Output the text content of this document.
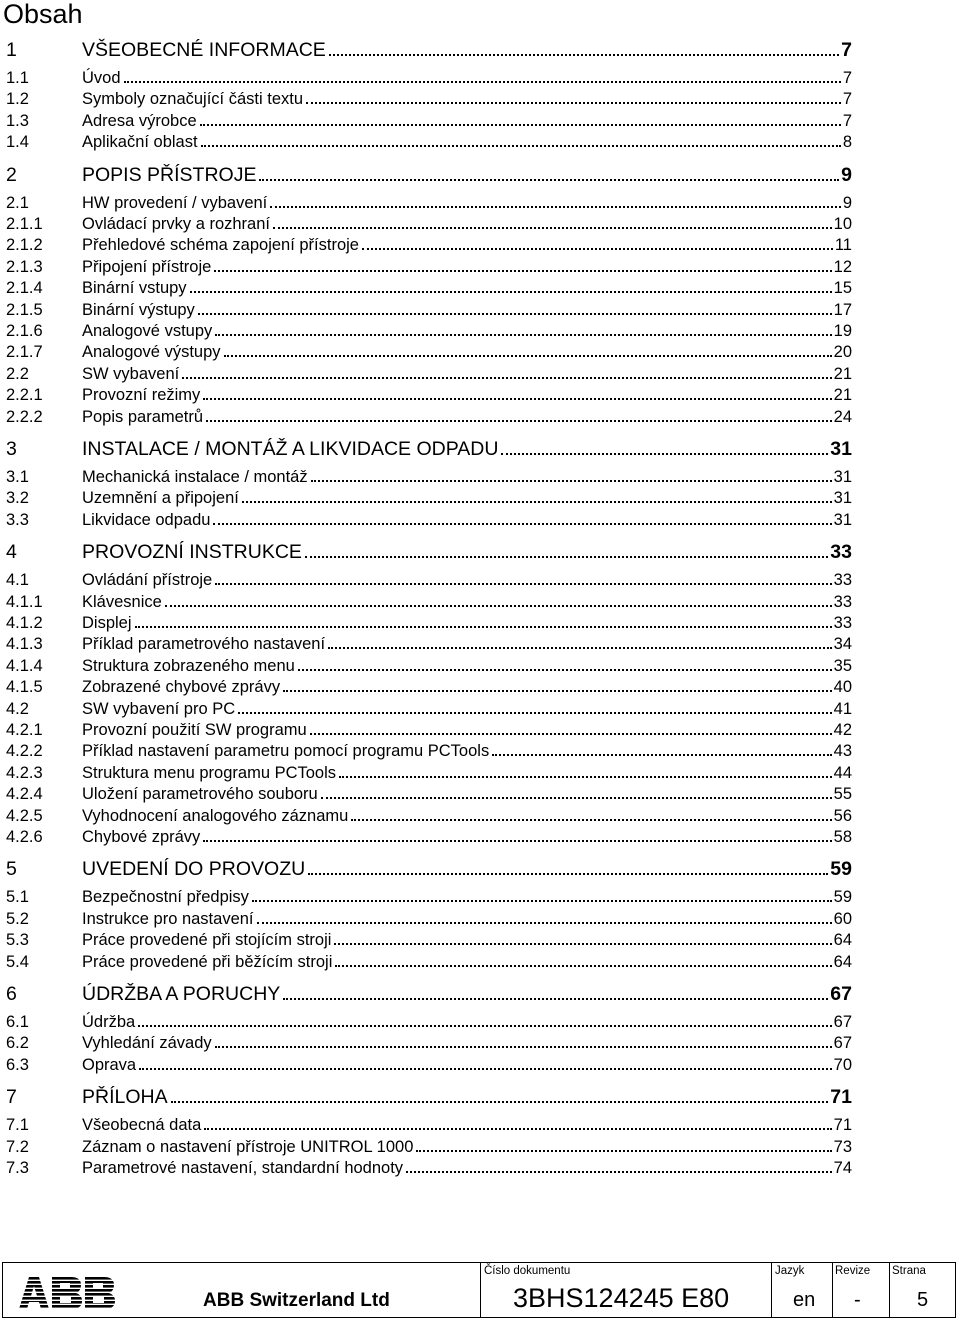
Obsah
1	VŠEOBECNÉ INFORMACE	7
1.1	Úvod	7
1.2	Symboly označující části textu	7
1.3	Adresa výrobce	7
1.4	Aplikační oblast	8
2	POPIS PŘÍSTROJE	9
2.1	HW provedení / vybavení	9
2.1.1	Ovládací prvky a rozhraní	10
2.1.2	Přehledové schéma zapojení přístroje	11
2.1.3	Připojení přístroje	12
2.1.4	Binární vstupy	15
2.1.5	Binární výstupy	17
2.1.6	Analogové vstupy	19
2.1.7	Analogové výstupy	20
2.2	SW vybavení	21
2.2.1	Provozní režimy	21
2.2.2	Popis parametrů	24
3	INSTALACE / MONTÁŽ A LIKVIDACE ODPADU	31
3.1	Mechanická instalace / montáž	31
3.2	Uzemnění a připojení	31
3.3	Likvidace odpadu	31
4	PROVOZNÍ INSTRUKCE	33
4.1	Ovládání přístroje	33
4.1.1	Klávesnice	33
4.1.2	Displej	33
4.1.3	Příklad parametrového nastavení	34
4.1.4	Struktura zobrazeného menu	35
4.1.5	Zobrazené chybové zprávy	40
4.2	SW vybavení pro PC	41
4.2.1	Provozní použití SW programu	42
4.2.2	Příklad nastavení parametru pomocí programu PCTools	43
4.2.3	Struktura menu programu PCTools	44
4.2.4	Uložení parametrového souboru	55
4.2.5	Vyhodnocení analogového záznamu	56
4.2.6	Chybové zprávy	58
5	UVEDENÍ DO PROVOZU	59
5.1	Bezpečnostní předpisy	59
5.2	Instrukce pro nastavení	60
5.3	Práce provedené při stojícím stroji	64
5.4	Práce provedené při běžícím stroji	64
6	ÚDRŽBA A PORUCHY	67
6.1	Údržba	67
6.2	Vyhledání závady	67
6.3	Oprava	70
7	PŘÍLOHA	71
7.1	Všeobecná data	71
7.2	Záznam o nastavení přístroje UNITROL 1000	73
7.3	Parametrové nastavení, standardní hodnoty	74
ABB Switzerland Ltd
Číslo dokumentu
3BHS124245 E80
Jazyk
en
Revize
-
Strana
5
